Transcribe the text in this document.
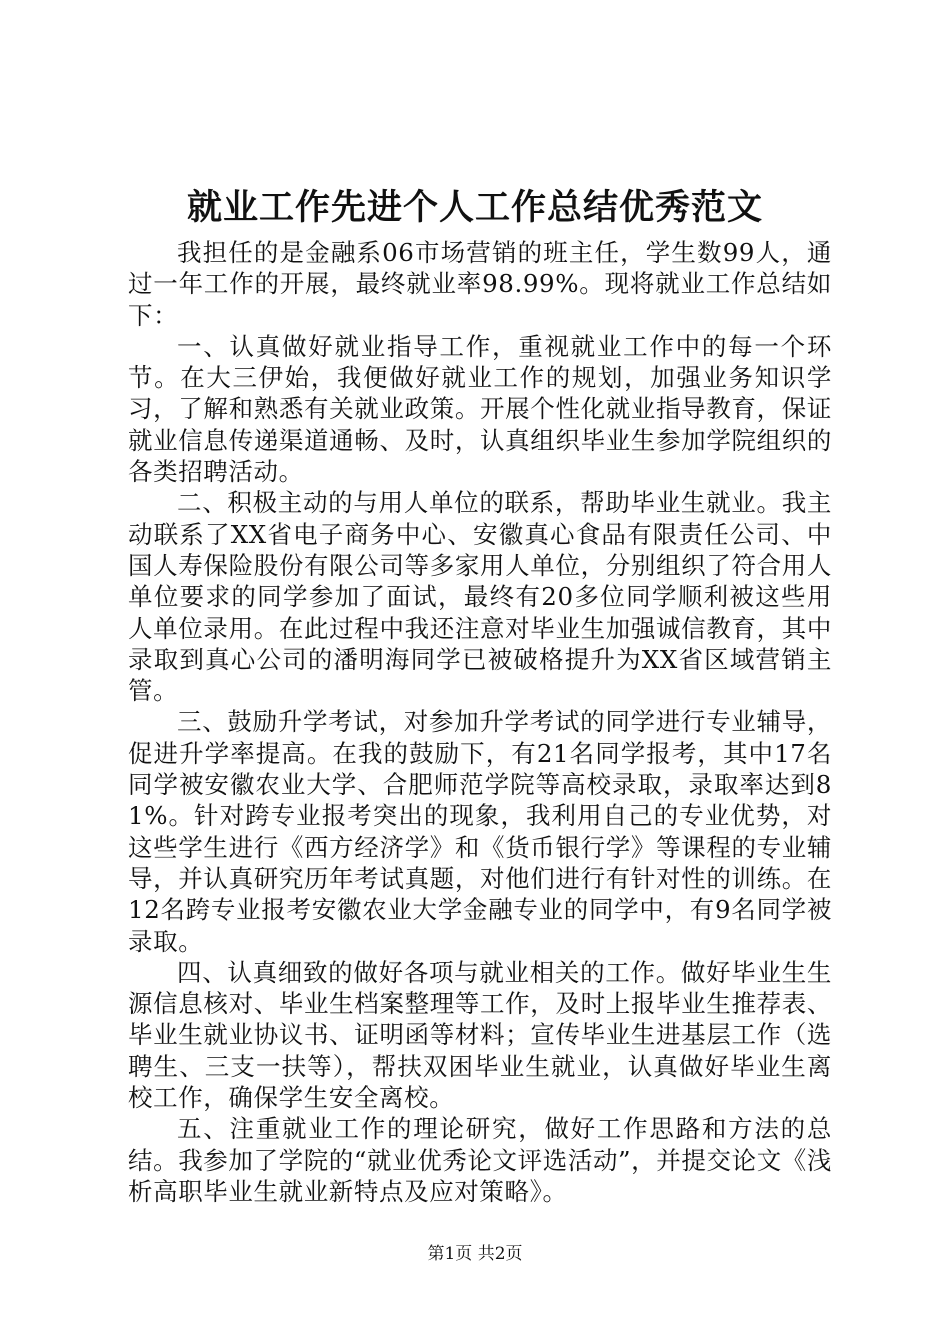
就业工作先进个人工作总结优秀范文

我担任的是金融系06市场营销的班主任，学生数99人，通过一年工作的开展，最终就业率98.99%。现将就业工作总结如下：

一、认真做好就业指导工作，重视就业工作中的每一个环节。在大三伊始，我便做好就业工作的规划，加强业务知识学习，了解和熟悉有关就业政策。开展个性化就业指导教育，保证就业信息传递渠道通畅、及时，认真组织毕业生参加学院组织的各类招聘活动。

二、积极主动的与用人单位的联系，帮助毕业生就业。我主动联系了XX省电子商务中心、安徽真心食品有限责任公司、中国人寿保险股份有限公司等多家用人单位，分别组织了符合用人单位要求的同学参加了面试，最终有20多位同学顺利被这些用人单位录用。在此过程中我还注意对毕业生加强诚信教育，其中录取到真心公司的潘明海同学已被破格提升为XX省区域营销主管。

三、鼓励升学考试，对参加升学考试的同学进行专业辅导，促进升学率提高。在我的鼓励下，有21名同学报考，其中17名同学被安徽农业大学、合肥师范学院等高校录取，录取率达到81%。针对跨专业报考突出的现象，我利用自己的专业优势，对这些学生进行《西方经济学》和《货币银行学》等课程的专业辅导，并认真研究历年考试真题，对他们进行有针对性的训练。在12名跨专业报考安徽农业大学金融专业的同学中，有9名同学被录取。

四、认真细致的做好各项与就业相关的工作。做好毕业生生源信息核对、毕业生档案整理等工作，及时上报毕业生推荐表、毕业生就业协议书、证明函等材料；宣传毕业生进基层工作（选聘生、三支一扶等），帮扶双困毕业生就业，认真做好毕业生离校工作，确保学生安全离校。

五、注重就业工作的理论研究，做好工作思路和方法的总结。我参加了学院的“就业优秀论文评选活动”，并提交论文《浅析高职毕业生就业新特点及应对策略》。

第1页 共2页
